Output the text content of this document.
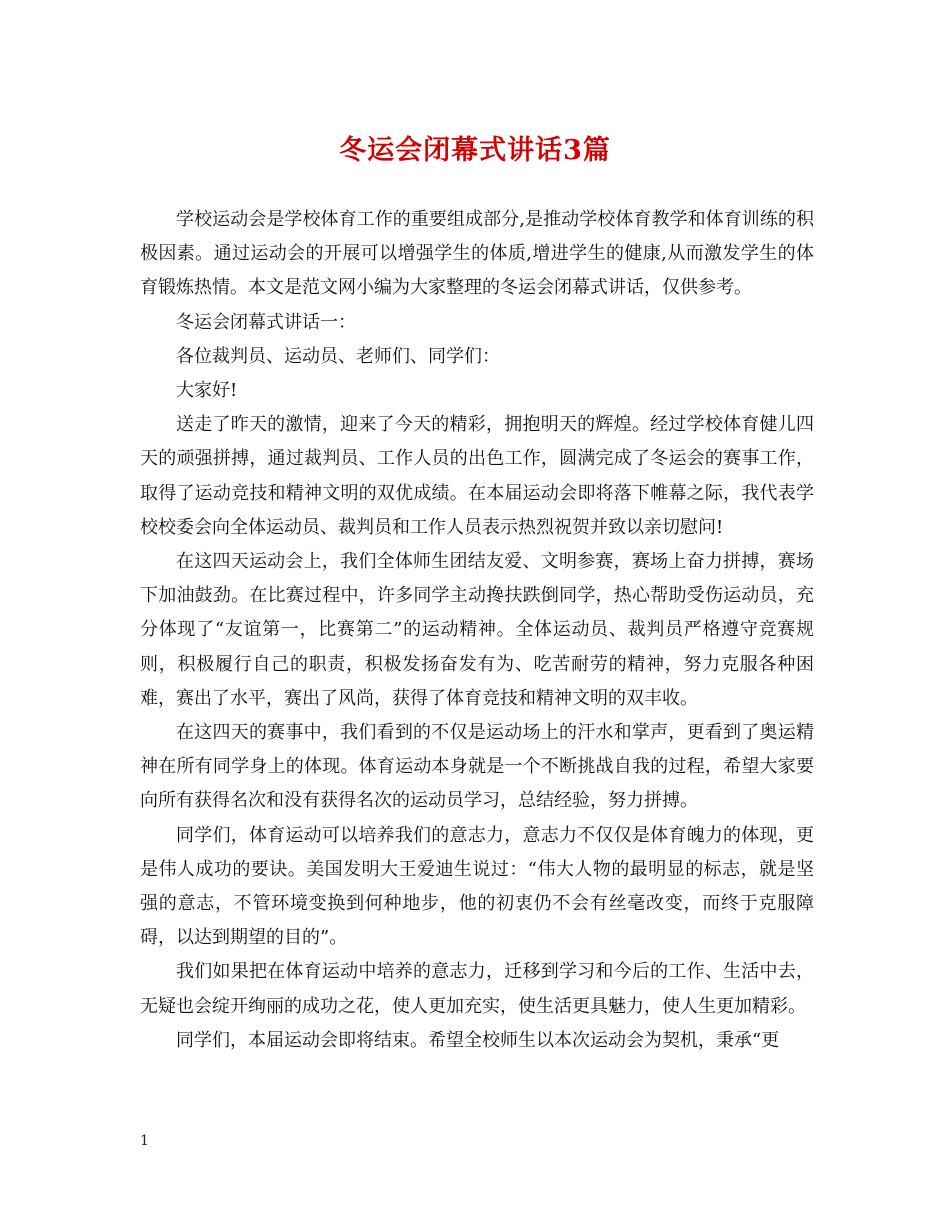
冬运会闭幕式讲话3篇

学校运动会是学校体育工作的重要组成部分,是推动学校体育教学和体育训练的积极因素。通过运动会的开展可以增强学生的体质,增进学生的健康,从而激发学生的体育锻炼热情。本文是范文网小编为大家整理的冬运会闭幕式讲话，仅供参考。

冬运会闭幕式讲话一：

各位裁判员、运动员、老师们、同学们：

大家好!

送走了昨天的激情，迎来了今天的精彩，拥抱明天的辉煌。经过学校体育健儿四天的顽强拼搏，通过裁判员、工作人员的出色工作，圆满完成了冬运会的赛事工作，取得了运动竞技和精神文明的双优成绩。在本届运动会即将落下帷幕之际，我代表学校校委会向全体运动员、裁判员和工作人员表示热烈祝贺并致以亲切慰问!

在这四天运动会上，我们全体师生团结友爱、文明参赛，赛场上奋力拼搏，赛场下加油鼓劲。在比赛过程中，许多同学主动搀扶跌倒同学，热心帮助受伤运动员，充分体现了“友谊第一，比赛第二”的运动精神。全体运动员、裁判员严格遵守竞赛规则，积极履行自己的职责，积极发扬奋发有为、吃苦耐劳的精神，努力克服各种困难，赛出了水平，赛出了风尚，获得了体育竞技和精神文明的双丰收。

在这四天的赛事中，我们看到的不仅是运动场上的汗水和掌声，更看到了奥运精神在所有同学身上的体现。体育运动本身就是一个不断挑战自我的过程，希望大家要向所有获得名次和没有获得名次的运动员学习，总结经验，努力拼搏。

同学们，体育运动可以培养我们的意志力，意志力不仅仅是体育魄力的体现，更是伟人成功的要诀。美国发明大王爱迪生说过：“伟大人物的最明显的标志，就是坚强的意志，不管环境变换到何种地步，他的初衷仍不会有丝毫改变，而终于克服障碍，以达到期望的目的”。

我们如果把在体育运动中培养的意志力，迁移到学习和今后的工作、生活中去，无疑也会绽开绚丽的成功之花，使人更加充实，使生活更具魅力，使人生更加精彩。

同学们，本届运动会即将结束。希望全校师生以本次运动会为契机，秉承“更

1
